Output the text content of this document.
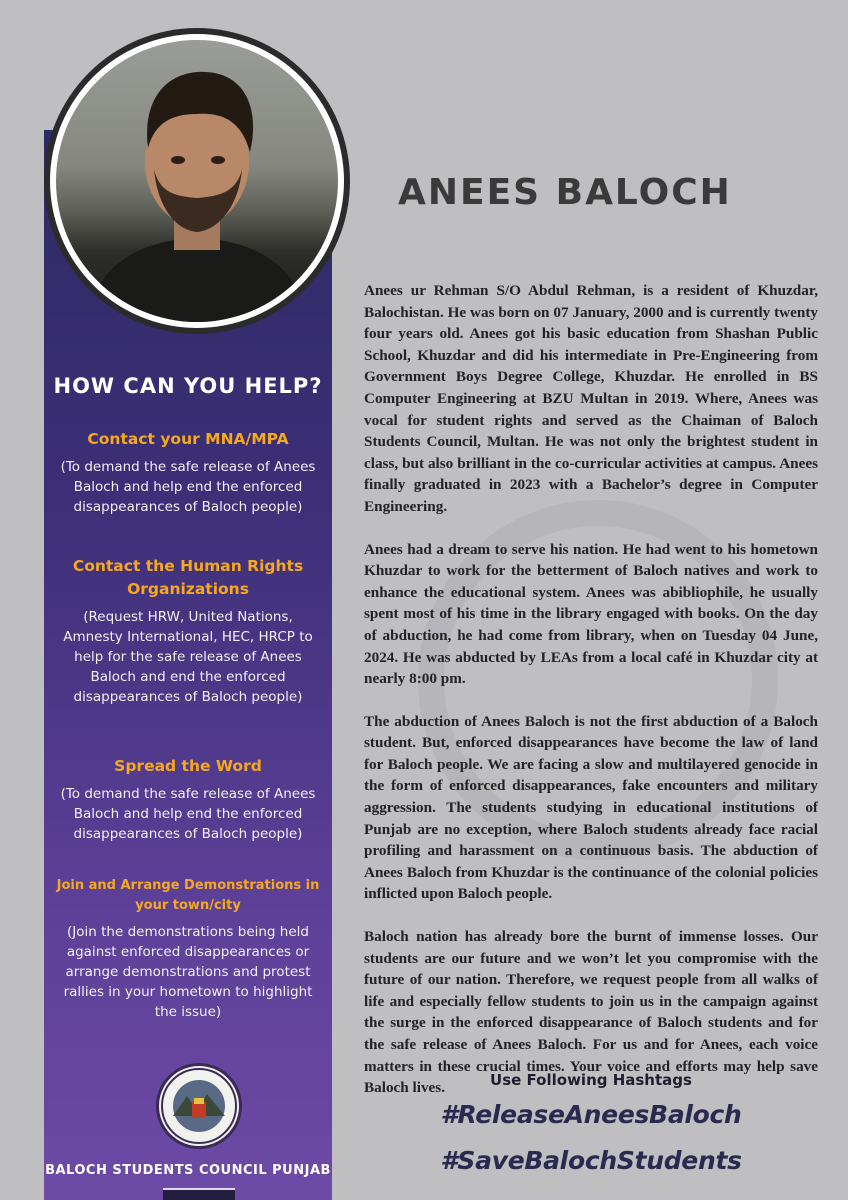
HOW CAN YOU HELP?
Contact your MNA/MPA

(To demand the safe release of Anees Baloch and help end the enforced disappearances of Baloch people)

Contact the Human Rights Organizations

(Request HRW, United Nations, Amnesty International, HEC, HRCP to help for the safe release of Anees Baloch and end the enforced disappearances of Baloch people)

Spread the Word

(To demand the safe release of Anees Baloch and help end the enforced disappearances of Baloch people)

Join and Arrange Demonstrations in your town/city

(Join the demonstrations being held against enforced disappearances or arrange demonstrations and protest rallies in your hometown to highlight the issue)

BALOCH STUDENTS COUNCIL PUNJAB
ANEES BALOCH

Anees ur Rehman S/O Abdul Rehman, is a resident of Khuzdar, Balochistan. He was born on 07 January, 2000 and is currently twenty four years old. Anees got his basic education from Shashan Public School, Khuzdar and did his intermediate in Pre-Engineering from Government Boys Degree College, Khuzdar. He enrolled in BS Computer Engineering at BZU Multan in 2019. Where, Anees was vocal for student rights and served as the Chaiman of Baloch Students Council, Multan. He was not only the brightest student in class, but also brilliant in the co-curricular activities at campus. Anees finally graduated in 2023 with a Bachelor’s degree in Computer Engineering.

Anees had a dream to serve his nation. He had went to his hometown Khuzdar to work for the betterment of Baloch natives and work to enhance the educational system. Anees was abibliophile, he usually spent most of his time in the library engaged with books. On the day of abduction, he had come from library, when on Tuesday 04 June, 2024. He was abducted by LEAs from a local café in Khuzdar city at nearly 8:00 pm.

The abduction of Anees Baloch is not the first abduction of a Baloch student. But, enforced disappearances have become the law of land for Baloch people. We are facing a slow and multilayered genocide in the form of enforced disappearances, fake encounters and military aggression. The students studying in educational institutions of Punjab are no exception, where Baloch students already face racial profiling and harassment on a continuous basis. The abduction of Anees Baloch from Khuzdar is the continuance of the colonial policies inflicted upon Baloch people.

Baloch nation has already bore the burnt of immense losses. Our students are our future and we won’t let you compromise with the future of our nation. Therefore, we request people from all walks of life and especially fellow students to join us in the campaign against the surge in the enforced disappearance of Baloch students and for the safe release of Anees Baloch. For us and for Anees, each voice matters in these crucial times. Your voice and efforts may help save Baloch lives.	Use Following Hashtags
#ReleaseAneesBaloch
#SaveBalochStudents
